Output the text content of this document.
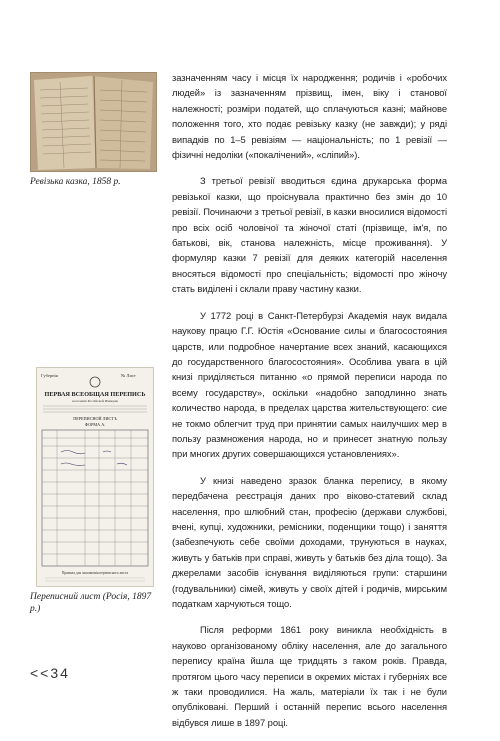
Ревізька казка, 1858 р.
Губернія	№ Лист
ПЕРВАЯ ВСЕОБЩАЯ ПЕРЕПИСЬ
населенія Россійской Имперіи
ПЕРЕПИСНОЙ ЛИСТЪ
ФОРМА А.
Правила для заполненія переписного листа
Переписний лист (Росія, 1897 р.)

зазначенням часу і місця їх народження; родичів і «робочих людей» із зазначенням прізвищ, імен, віку і станової належності; розміри податей, що сплачуються казні; майнове положення того, хто подає ревізьку казку (не завжди); у ряді випадків по 1–5 ревізіям — національність; по 1 ревізії — фізичні недоліки («покалічений», «сліпий»).

З третьої ревізії вводиться єдина друкарська форма ревізької казки, що проіснувала практично без змін до 10 ревізії. Починаючи з третьої ревізії, в казки вносилися відомості про всіх осіб чоловічої та жіночої статі (прізвище, ім'я, по батькові, вік, станова належність, місце проживання). У формуляр казки 7 ревізії для деяких категорій населення вносяться відомості про спеціальність; відомості про жіночу стать виділені і склали праву частину казки.

У 1772 році в Санкт-Петербурзі Академія наук видала наукову працю Г.Г. Юстія «Основание силы и благосостояния царств, или подробное начертание всех знаний, касающихся до государственного благосостояния». Особлива увага в цій книзі приділяється питанню «о прямой переписи народа по всему государству», оскільки «надобно заподлинно знать количество народа, в пределах царства жительствующего: сие не токмо облегчит труд при принятии самых наилучших мер в пользу размножения народа, но и принесет знатную пользу при многих других совершающихся установлениях».

У книзі наведено зразок бланка перепису, в якому передбачена реєстрація даних про віково-статевий склад населення, про шлюбний стан, професію (держави службові, вчені, купці, художники, ремісники, поденщики тощо) і заняття (забезпечують себе своїми доходами, трунуються в науках, живуть у батьків при справі, живуть у батьків без діла тощо). За джерелами засобів існування виділяються групи: старшини (годувальники) сімей, живуть у своїх дітей і родичів, мирським податкам харчуються тощо.

Після реформи 1861 року виникла необхідність в науково організованому обліку населення, але до загального перепису країна йшла ще тридцять з гаком років. Правда, протягом цього часу переписи в окремих містах і губерніях все ж таки проводилися. На жаль, матеріали їх так і не були опубліковані. Перший і останній перепис всього населення відбувся лише в 1897 році.

<<34
